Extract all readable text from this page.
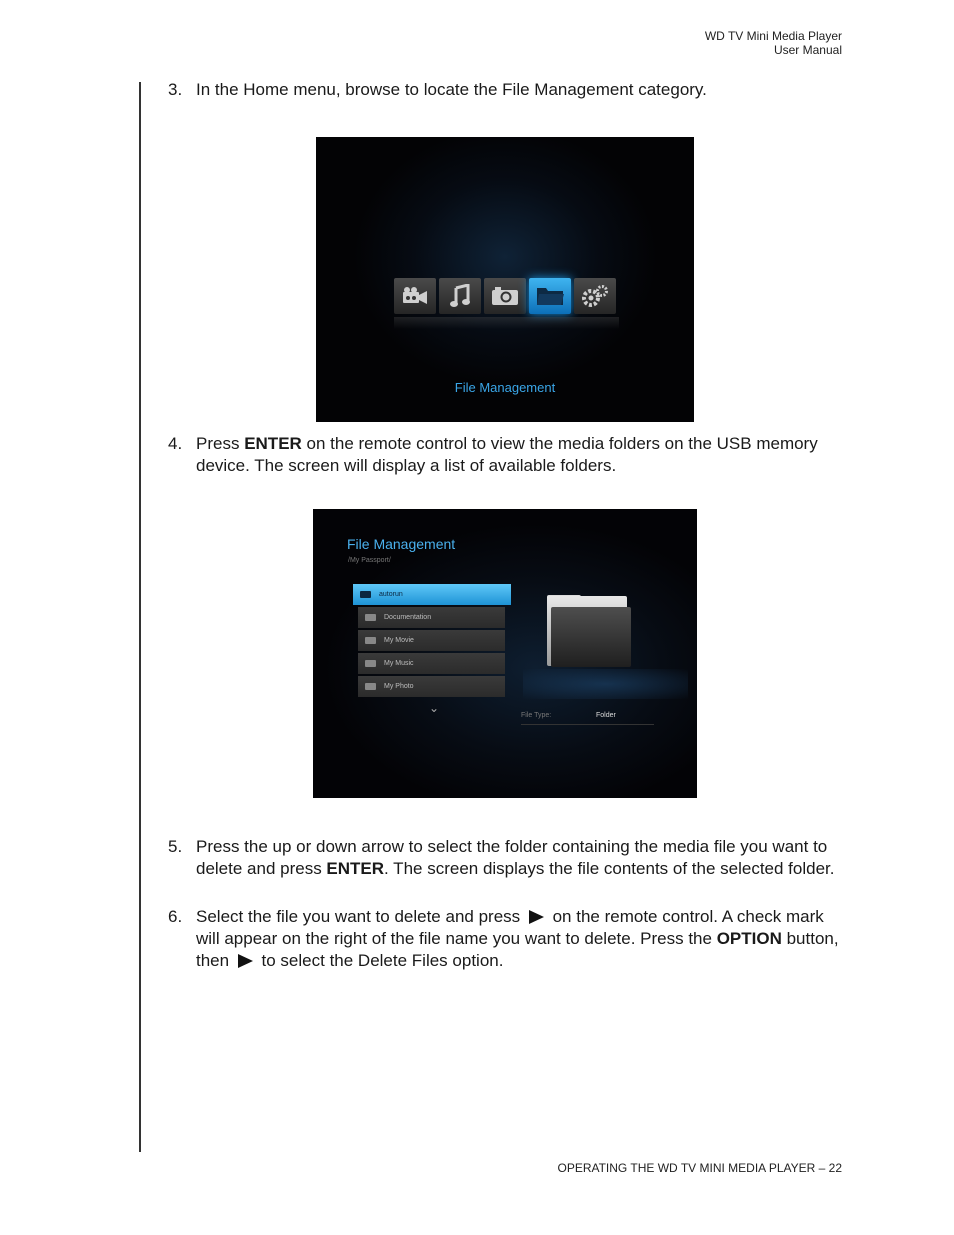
WD TV Mini Media Player
User Manual
3. In the Home menu, browse to locate the File Management category.
File Management
4. Press ENTER on the remote control to view the media folders on the USB memory device. The screen will display a list of available folders.
File Management
/My Passport/
autorun
Documentation
My Movie
My Music
My Photo
⌄
File Type:	Folder
5. Press the up or down arrow to select the folder containing the media file you want to delete and press ENTER. The screen displays the file contents of the selected folder.
6. Select the file you want to delete and press  on the remote control. A check mark will appear on the right of the file name you want to delete. Press the OPTION button, then  to select the Delete Files option.
OPERATING THE WD TV MINI MEDIA PLAYER – 22
